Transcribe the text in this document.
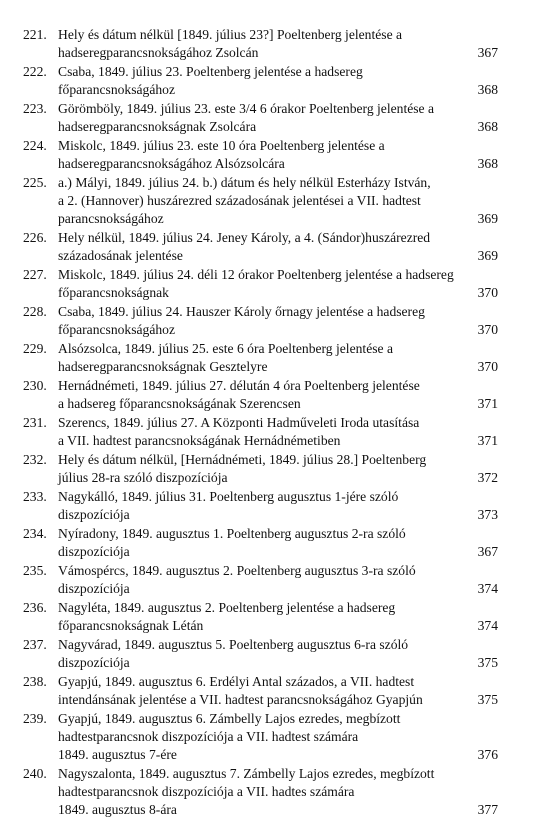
221. Hely és dátum nélkül [1849. július 23?] Poeltenberg jelentése a
hadseregparancsnokságához Zsolcán	367
222. Csaba, 1849. július 23. Poeltenberg jelentése a hadsereg
főparancsnokságához	368
223. Görömböly, 1849. július 23. este 3/4 6 órakor Poeltenberg jelentése a
hadseregparancsnokságnak Zsolcára	368
224. Miskolc, 1849. július 23. este 10 óra Poeltenberg jelentése a
hadseregparancsnokságához Alsózsolcára	368
225. a.) Mályi, 1849. július 24. b.) dátum és hely nélkül Esterházy István,
a 2. (Hannover) huszárezred századosának jelentései a VII. hadtest
parancsnokságához	369
226. Hely nélkül, 1849. július 24. Jeney Károly, a 4. (Sándor)huszárezred
századosának jelentése	369
227. Miskolc, 1849. július 24. déli 12 órakor Poeltenberg jelentése a hadsereg
főparancsnokságnak	370
228. Csaba, 1849. július 24. Hauszer Károly őrnagy jelentése a hadsereg
főparancsnokságához	370
229. Alsózsolca, 1849. július 25. este 6 óra Poeltenberg jelentése a
hadseregparancsnokságnak Gesztelyre	370
230. Hernádnémeti, 1849. július 27. délután 4 óra Poeltenberg jelentése
a hadsereg főparancsnokságának Szerencsen	371
231. Szerencs, 1849. július 27. A Központi Hadműveleti Iroda utasítása
a VII. hadtest parancsnokságának Hernádnémetiben	371
232. Hely és dátum nélkül, [Hernádnémeti, 1849. július 28.] Poeltenberg
július 28-ra szóló diszpozíciója	372
233. Nagykálló, 1849. július 31. Poeltenberg augusztus 1-jére szóló
diszpozíciója	373
234. Nyíradony, 1849. augusztus 1. Poeltenberg augusztus 2-ra szóló
diszpozíciója	367
235. Vámospércs, 1849. augusztus 2. Poeltenberg augusztus 3-ra szóló
diszpozíciója	374
236. Nagyléta, 1849. augusztus 2. Poeltenberg jelentése a hadsereg
főparancsnokságnak Létán	374
237. Nagyvárad, 1849. augusztus 5. Poeltenberg augusztus 6-ra szóló
diszpozíciója	375
238. Gyapjú, 1849. augusztus 6. Erdélyi Antal százados, a VII. hadtest
intendánsának jelentése a VII. hadtest parancsnokságához Gyapjún	375
239. Gyapjú, 1849. augusztus 6. Zámbelly Lajos ezredes, megbízott
hadtestparancsnok diszpozíciója a VII. hadtest számára
1849. augusztus 7-ére	376
240. Nagyszalonta, 1849. augusztus 7. Zámbelly Lajos ezredes, megbízott
hadtestparancsnok diszpozíciója a VII. hadtes számára
1849. augusztus 8-ára	377
